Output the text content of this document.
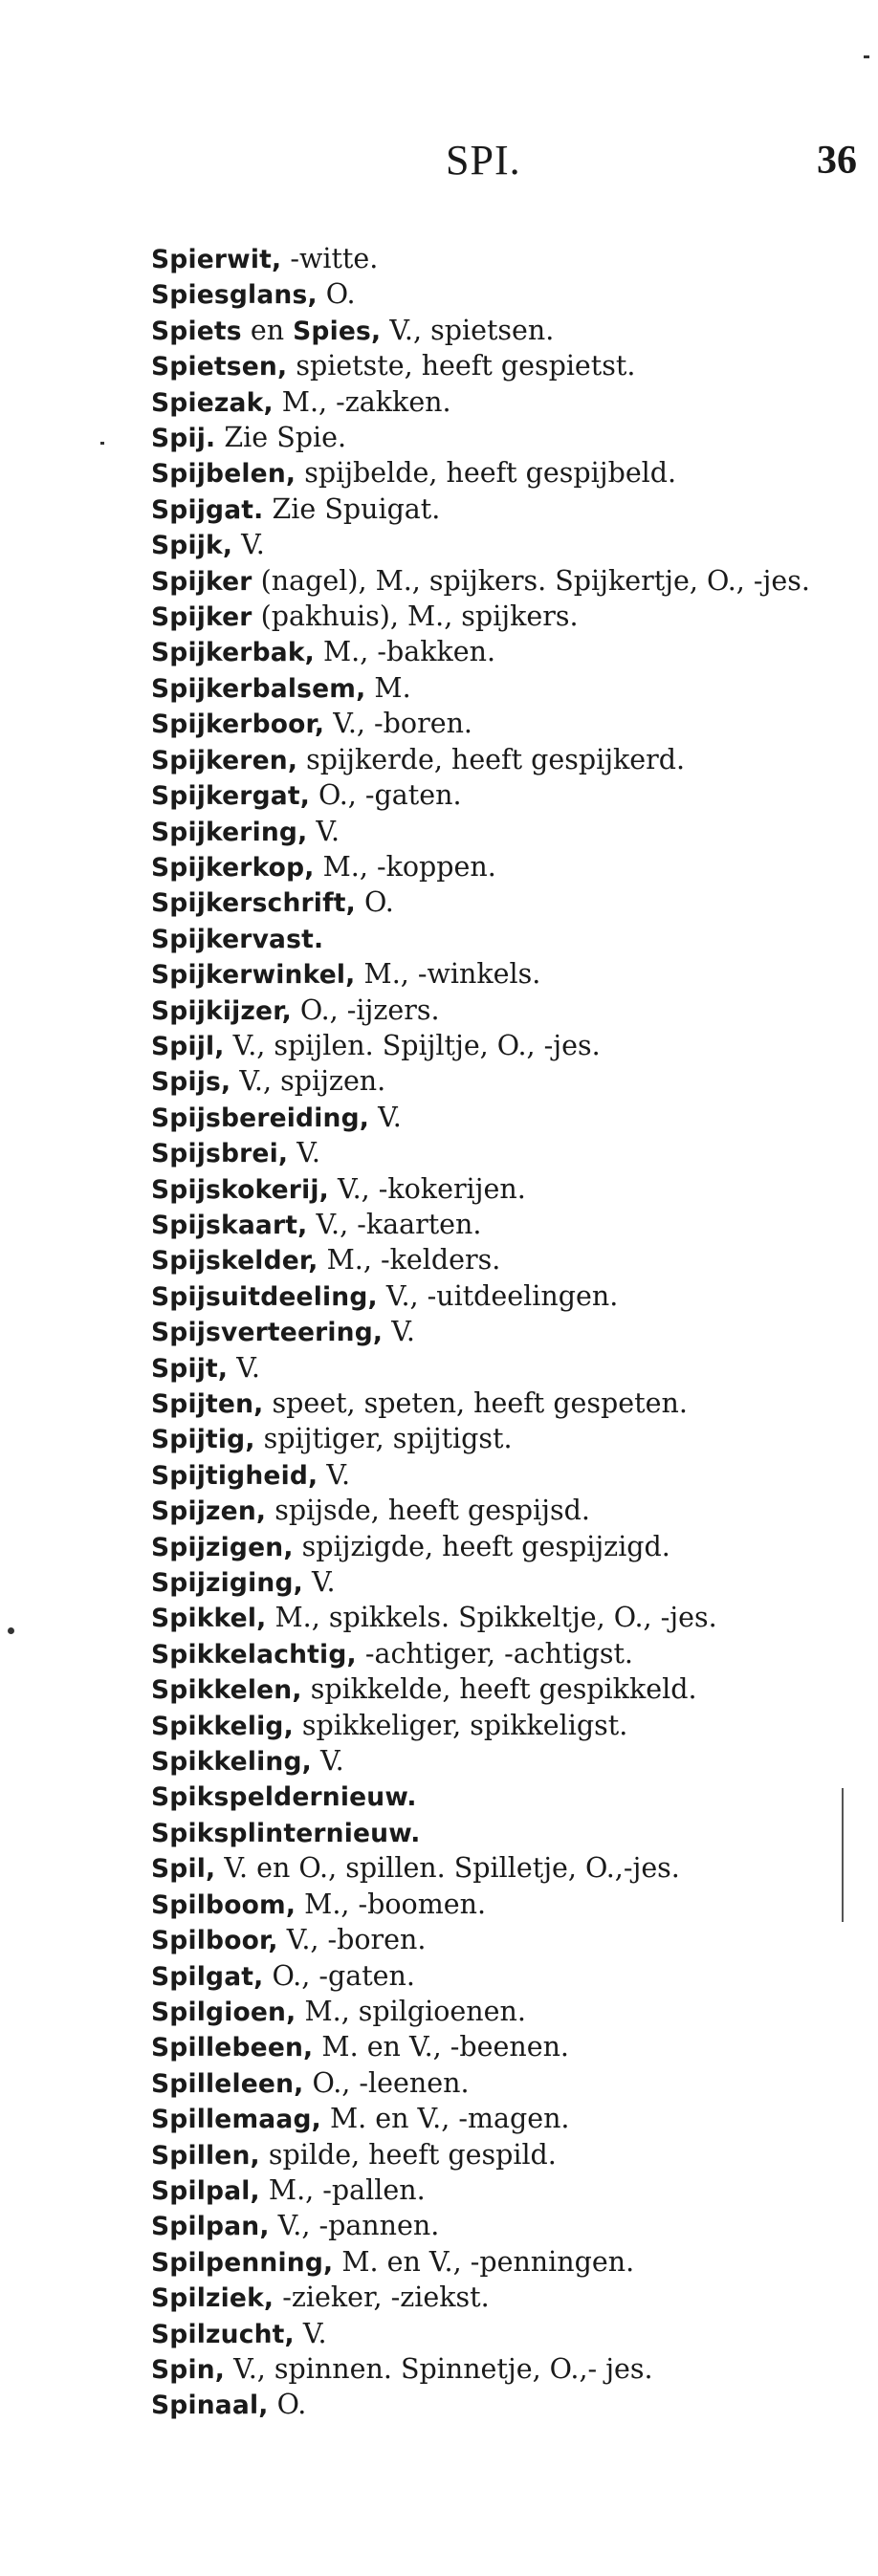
SPI.	36
Spierwit, -witte.
Spiesglans, O.
Spiets en Spies, V., spietsen.
Spietsen, spietste, heeft gespietst.
Spiezak, M., -zakken.
Spij. Zie Spie.
Spijbelen, spijbelde, heeft gespijbeld.
Spijgat. Zie Spuigat.
Spijk, V.
Spijker (nagel), M., spijkers. Spijkertje, O., -jes.
Spijker (pakhuis), M., spijkers.
Spijkerbak, M., -bakken.
Spijkerbalsem, M.
Spijkerboor, V., -boren.
Spijkeren, spijkerde, heeft gespijkerd.
Spijkergat, O., -gaten.
Spijkering, V.
Spijkerkop, M., -koppen.
Spijkerschrift, O.
Spijkervast.
Spijkerwinkel, M., -winkels.
Spijkijzer, O., -ijzers.
Spijl, V., spijlen. Spijltje, O., -jes.
Spijs, V., spijzen.
Spijsbereiding, V.
Spijsbrei, V.
Spijskokerij, V., -kokerijen.
Spijskaart, V., -kaarten.
Spijskelder, M., -kelders.
Spijsuitdeeling, V., -uitdeelingen.
Spijsverteering, V.
Spijt, V.
Spijten, speet, speten, heeft gespeten.
Spijtig, spijtiger, spijtigst.
Spijtigheid, V.
Spijzen, spijsde, heeft gespijsd.
Spijzigen, spijzigde, heeft gespijzigd.
Spijziging, V.
Spikkel, M., spikkels. Spikkeltje, O., -jes.
Spikkelachtig, -achtiger, -achtigst.
Spikkelen, spikkelde, heeft gespikkeld.
Spikkelig, spikkeliger, spikkeligst.
Spikkeling, V.
Spikspeldernieuw.
Spiksplinternieuw.
Spil, V. en O., spillen. Spilletje, O.,-jes.
Spilboom, M., -boomen.
Spilboor, V., -boren.
Spilgat, O., -gaten.
Spilgioen, M., spilgioenen.
Spillebeen, M. en V., -beenen.
Spilleleen, O., -leenen.
Spillemaag, M. en V., -magen.
Spillen, spilde, heeft gespild.
Spilpal, M., -pallen.
Spilpan, V., -pannen.
Spilpenning, M. en V., -penningen.
Spilziek, -zieker, -ziekst.
Spilzucht, V.
Spin, V., spinnen. Spinnetje, O.,- jes.
Spinaal, O.
